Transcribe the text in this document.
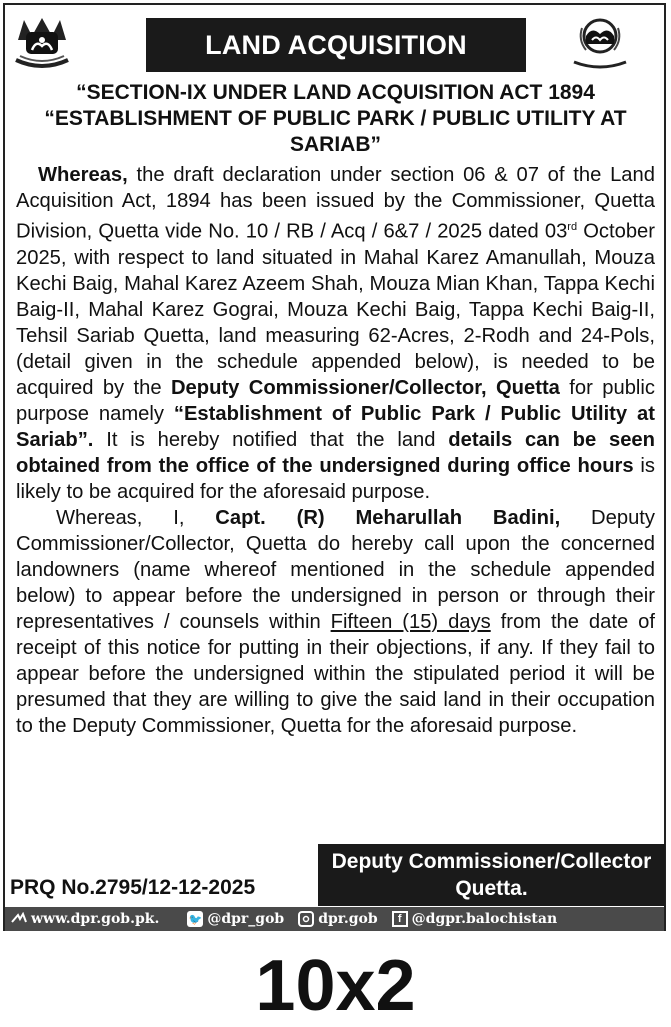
LAND ACQUISITION
“SECTION-IX UNDER LAND ACQUISITION ACT 1894
“ESTABLISHMENT OF PUBLIC PARK / PUBLIC UTILITY AT
SARIAB”

Whereas, the draft declaration under section 06 & 07 of the Land Acquisition Act, 1894 has been issued by the Commissioner, Quetta Division, Quetta vide No. 10 / RB / Acq / 6&7 / 2025 dated 03rd October 2025, with respect to land situated in Mahal Karez Amanullah, Mouza Kechi Baig, Mahal Karez Azeem Shah, Mouza Mian Khan, Tappa Kechi Baig-II, Mahal Karez Gograi, Mouza Kechi Baig, Tappa Kechi Baig-II, Tehsil Sariab Quetta, land measuring 62-Acres, 2-Rodh and 24-Pols, (detail given in the schedule appended below), is needed to be acquired by the Deputy Commissioner/Collector, Quetta for public purpose namely “Establishment of Public Park / Public Utility at Sariab”. It is hereby notified that the land details can be seen obtained from the office of the undersigned during office hours is likely to be acquired for the aforesaid purpose.

Whereas, I, Capt. (R) Meharullah Badini, Deputy Commissioner/Collector, Quetta do hereby call upon the concerned landowners (name whereof mentioned in the schedule appended below) to appear before the undersigned in person or through their representatives / counsels within Fifteen (15) days from the date of receipt of this notice for putting in their objections, if any. If they fail to appear before the undersigned within the stipulated period it will be presumed that they are willing to give the said land in their occupation to the Deputy Commissioner, Quetta for the aforesaid purpose.

Deputy Commissioner/Collector
Quetta.
PRQ No.2795/12-12-2025
www.dpr.gob.pk.	🐦 @dpr_gob dpr.gob	f @dgpr.balochistan
10x2
